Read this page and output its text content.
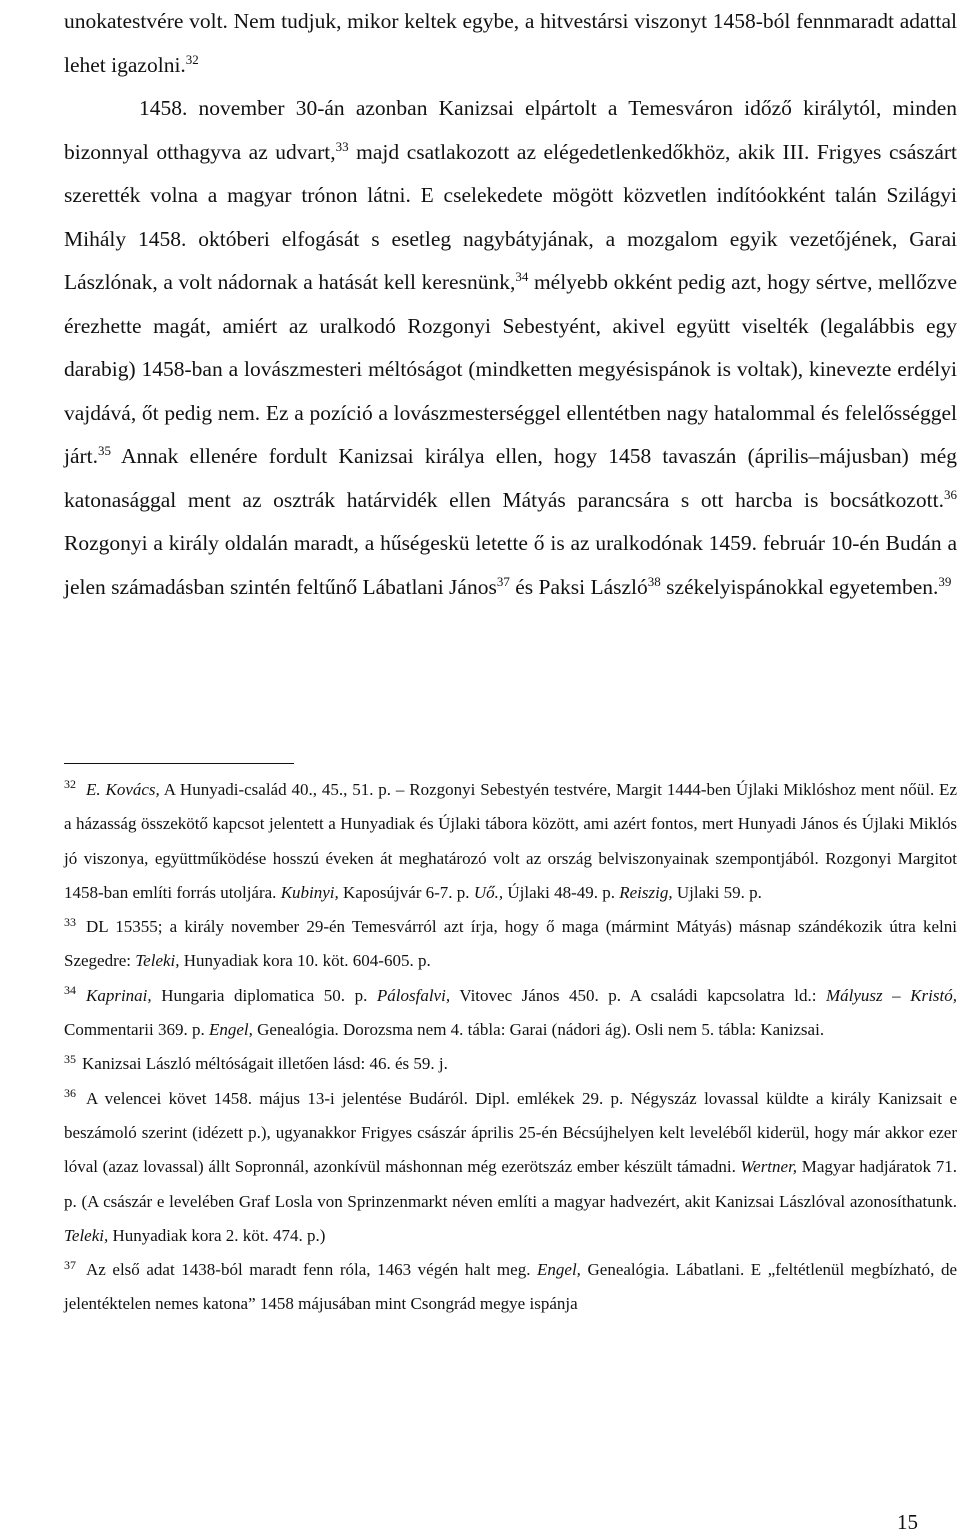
unokatestvére volt. Nem tudjuk, mikor keltek egybe, a hitvestársi viszonyt 1458-ból fennmaradt adattal lehet igazolni.$^{32}$

1458. november 30-án azonban Kanizsai elpártolt a Temesváron időző királytól, minden bizonnyal otthagyva az udvart,$^{33}$ majd csatlakozott az elégedetlenkedőkhöz, akik III. Frigyes császárt szerették volna a magyar trónon látni. E cselekedete mögött közvetlen indítóokként talán Szilágyi Mihály 1458. októberi elfogását s esetleg nagybátyjának, a mozgalom egyik vezetőjének, Garai Lászlónak, a volt nádornak a hatását kell keresnünk,$^{34}$ mélyebb okként pedig azt, hogy sértve, mellőzve érezhette magát, amiért az uralkodó Rozgonyi Sebestyént, akivel együtt viselték (legalábbis egy darabig) 1458-ban a lovászmesteri méltóságot (mindketten megyésispánok is voltak), kinevezte erdélyi vajdává, őt pedig nem. Ez a pozíció a lovászmesterséggel ellentétben nagy hatalommal és felelősséggel járt.$^{35}$ Annak ellenére fordult Kanizsai királya ellen, hogy 1458 tavaszán (április–májusban) még katonasággal ment az osztrák határvidék ellen Mátyás parancsára s ott harcba is bocsátkozott.$^{36}$ Rozgonyi a király oldalán maradt, a hűségeskü letette ő is az uralkodónak 1459. február 10-én Budán a jelen számadásban szintén feltűnő Lábatlani János$^{37}$ és Paksi László$^{38}$ székelyispánokkal egyetemben.$^{39}$

$^{32}$ E. Kovács, A Hunyadi-család 40., 45., 51. p. – Rozgonyi Sebestyén testvére, Margit 1444-ben Újlaki Miklóshoz ment nőül. Ez a házasság összekötő kapcsot jelentett a Hunyadiak és Újlaki tábora között, ami azért fontos, mert Hunyadi János és Újlaki Miklós jó viszonya, együttműködése hosszú éveken át meghatározó volt az ország belviszonyainak szempontjából. Rozgonyi Margitot 1458-ban említi forrás utoljára. Kubinyi, Kaposújvár 6-7. p. Uő., Újlaki 48-49. p. Reiszig, Ujlaki 59. p.

$^{33}$ DL 15355; a király november 29-én Temesvárról azt írja, hogy ő maga (mármint Mátyás) másnap szándékozik útra kelni Szegedre: Teleki, Hunyadiak kora 10. köt. 604-605. p.

$^{34}$ Kaprinai, Hungaria diplomatica 50. p. Pálosfalvi, Vitovec János 450. p. A családi kapcsolatra ld.: Mályusz – Kristó, Commentarii 369. p. Engel, Genealógia. Dorozsma nem 4. tábla: Garai (nádori ág). Osli nem 5. tábla: Kanizsai.

$^{35}$ Kanizsai László méltóságait illetően lásd: 46. és 59. j.

$^{36}$ A velencei követ 1458. május 13-i jelentése Budáról. Dipl. emlékek 29. p. Négyszáz lovassal küldte a király Kanizsait e beszámoló szerint (idézett p.), ugyanakkor Frigyes császár április 25-én Bécsújhelyen kelt leveléből kiderül, hogy már akkor ezer lóval (azaz lovassal) állt Sopronnál, azonkívül máshonnan még ezerötszáz ember készült támadni. Wertner, Magyar hadjáratok 71. p. (A császár e levelében Graf Losla von Sprinzenmarkt néven említi a magyar hadvezért, akit Kanizsai Lászlóval azonosíthatunk. Teleki, Hunyadiak kora 2. köt. 474. p.)

$^{37}$ Az első adat 1438-ból maradt fenn róla, 1463 végén halt meg. Engel, Genealógia. Lábatlani. E „feltétlenül megbízható, de jelentéktelen nemes katona” 1458 májusában mint Csongrád megye ispánja

15
